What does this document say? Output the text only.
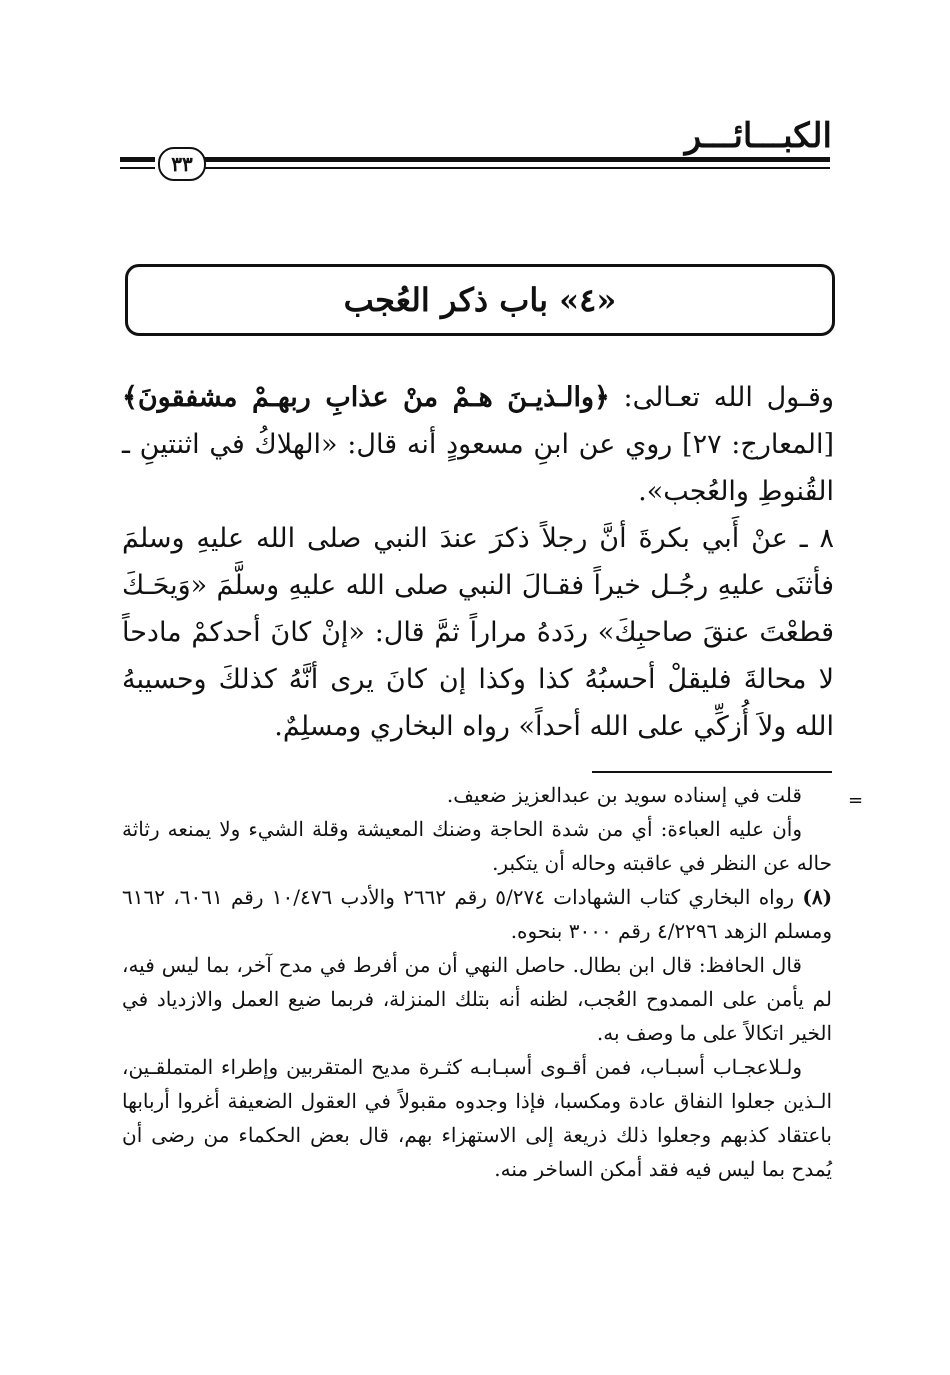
الكبـــائـــر
٣٣
«٤» باب ذكر العُجب

وقـول الله تعـالى: ﴿والـذيـنَ هـمْ منْ عذابِ ربهـمْ مشفقونَ﴾[المعارج: ٢٧] روي عن ابنِ مسعودٍ أنه قال: «الهلاكُ في اثنتينِ ـ القُنوطِ والعُجب».

٨ ـ عنْ أَبي بكرةَ أنَّ رجلاً ذكرَ عندَ النبي صلى الله عليهِ وسلمَ فأثنَى عليهِ رجُـل خيراً فقـالَ النبي صلى الله عليهِ وسلَّمَ «وَيحَـكَ قطعْتَ عنقَ صاحبِكَ» ردَدهُ مراراً ثمَّ قال: «إنْ كانَ أحدكمْ مادحاً لا محالةَ فليقلْ أحسبُهُ كذا وكذا إن كانَ يرى أنَّهُ كذلكَ وحسيبهُ الله ولاَ أُزكِّي على الله أحداً» رواه البخاري ومسلِمٌ.

=

قلت في إسناده سويد بن عبدالعزيز ضعيف.

وأن عليه العباءة: أي من شدة الحاجة وضنك المعيشة وقلة الشيء ولا يمنعه رثاثة حاله عن النظر في عاقبته وحاله أن يتكبر.

(٨) رواه البخاري كتاب الشهادات ٥/٢٧٤ رقم ٢٦٦٢ والأدب ١٠/٤٧٦ رقم ٦٠٦١، ٦١٦٢ ومسلم الزهد ٤/٢٢٩٦ رقم ٣٠٠٠ بنحوه.

قال الحافظ: قال ابن بطال. حاصل النهي أن من أفرط في مدح آخر، بما ليس فيه، لم يأمن على الممدوح العُجب، لظنه أنه بتلك المنزلة، فربما ضيع العمل والازدياد في الخير اتكالاً على ما وصف به.

ولـلاعجـاب أسبـاب، فمن أقـوى أسبـابـه كثـرة مديح المتقربين وإطراء المتملقـين، الـذين جعلوا النفاق عادة ومكسبا، فإذا وجدوه مقبولاً في العقول الضعيفة أغروا أربابها باعتقاد كذبهم وجعلوا ذلك ذريعة إلى الاستهزاء بهم، قال بعض الحكماء من رضى أن يُمدح بما ليس فيه فقد أمكن الساخر منه.
